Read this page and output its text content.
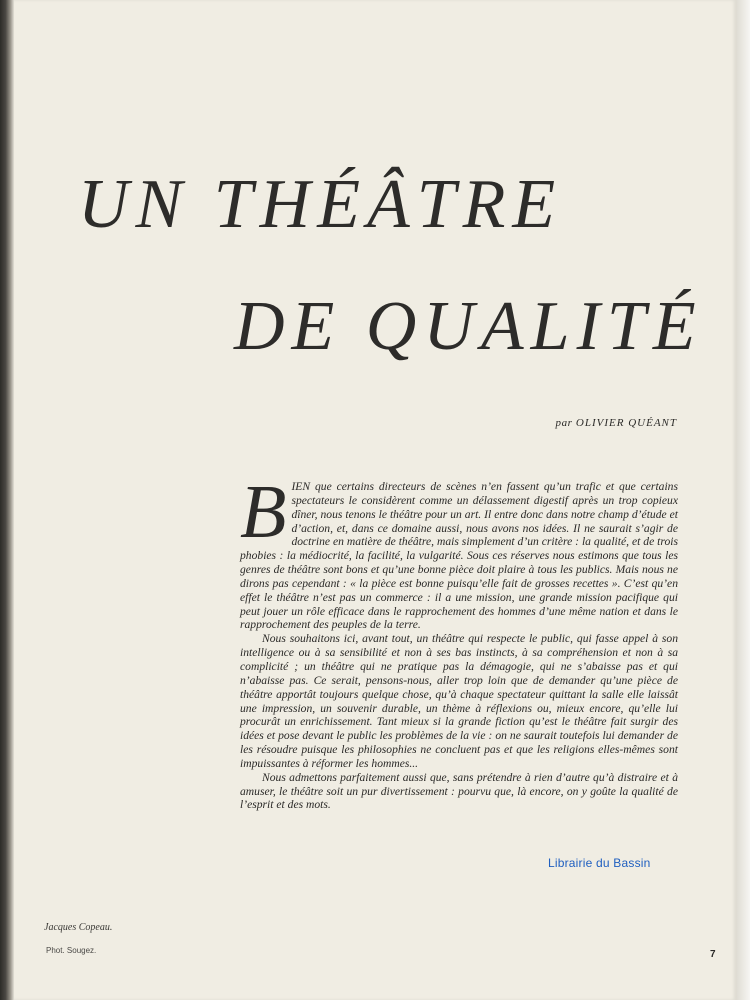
UN THÉÂTRE
DE QUALITÉ

par OLIVIER QUÉANT

BIEN que certains directeurs de scènes n’en fassent qu’un trafic et que certains spectateurs le considèrent comme un délassement digestif après un trop copieux dîner, nous tenons le théâtre pour un art. Il entre donc dans notre champ d’étude et d’action, et, dans ce domaine aussi, nous avons nos idées. Il ne saurait s’agir de doctrine en matière de théâtre, mais simplement d’un critère : la qualité, et de trois phobies : la médiocrité, la facilité, la vulgarité. Sous ces réserves nous estimons que tous les genres de théâtre sont bons et qu’une bonne pièce doit plaire à tous les publics. Mais nous ne dirons pas cependant : « la pièce est bonne puisqu’elle fait de grosses recettes ». C’est qu’en effet le théâtre n’est pas un commerce : il a une mission, une grande mission pacifique qui peut jouer un rôle efficace dans le rapprochement des hommes d’une même nation et dans le rapprochement des peuples de la terre.

Nous souhaitons ici, avant tout, un théâtre qui respecte le public, qui fasse appel à son intelligence ou à sa sensibilité et non à ses bas instincts, à sa compréhension et non à sa complicité ; un théâtre qui ne pratique pas la démagogie, qui ne s’abaisse pas et qui n’abaisse pas. Ce serait, pensons-nous, aller trop loin que de demander qu’une pièce de théâtre apportât toujours quelque chose, qu’à chaque spectateur quittant la salle elle laissât une impression, un souvenir durable, un thème à réflexions ou, mieux encore, qu’elle lui procurât un enrichissement. Tant mieux si la grande fiction qu’est le théâtre fait surgir des idées et pose devant le public les problèmes de la vie : on ne saurait toutefois lui demander de les résoudre puisque les philosophies ne concluent pas et que les religions elles-mêmes sont impuissantes à réformer les hommes...

Nous admettons parfaitement aussi que, sans prétendre à rien d’autre qu’à distraire et à amuser, le théâtre soit un pur divertissement : pourvu que, là encore, on y goûte la qualité de l’esprit et des mots.

Jacques Copeau.

Phot. Sougez.	7

Librairie du Bassin
